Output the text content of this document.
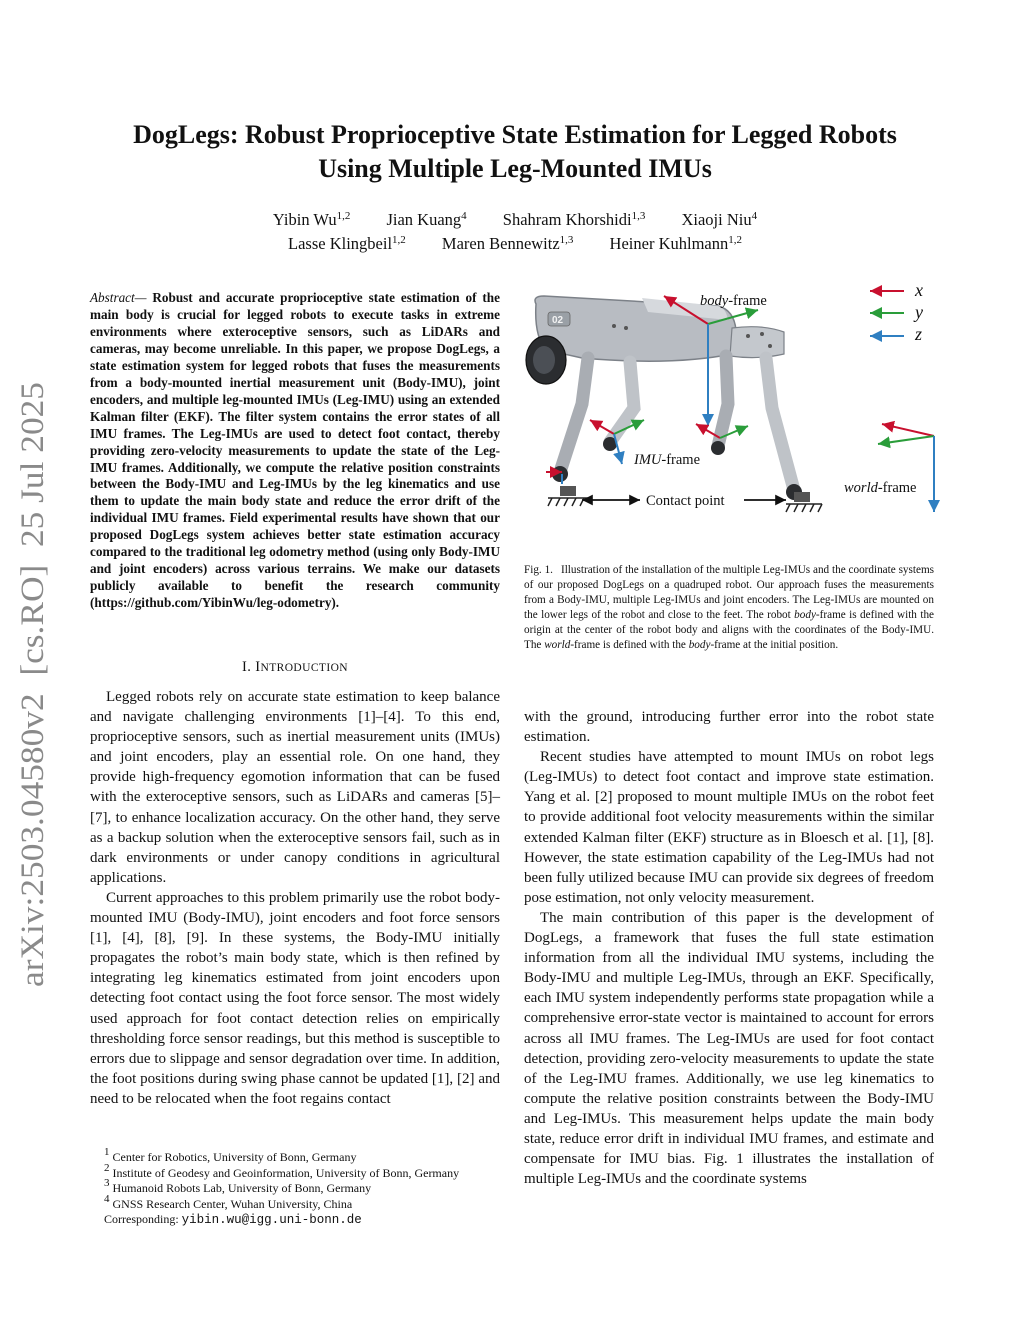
arXiv:2503.04580v2  [cs.RO]  25 Jul 2025
DogLegs: Robust Proprioceptive State Estimation for Legged Robots
Using Multiple Leg-Mounted IMUs
Yibin Wu$^{1,2}$ Jian Kuang$^4$ Shahram Khorshidi$^{1,3}$ Xiaoji Niu$^4$
Lasse Klingbeil$^{1,2}$ Maren Bennewitz$^{1,3}$ Heiner Kuhlmann$^{1,2}$
Abstract— Robust and accurate proprioceptive state estimation of the main body is crucial for legged robots to execute tasks in extreme environments where exteroceptive sensors, such as LiDARs and cameras, may become unreliable. In this paper, we propose DogLegs, a state estimation system for legged robots that fuses the measurements from a body-mounted inertial measurement unit (Body-IMU), joint encoders, and multiple leg-mounted IMUs (Leg-IMU) using an extended Kalman filter (EKF). The filter system contains the error states of all IMU frames. The Leg-IMUs are used to detect foot contact, thereby providing zero-velocity measurements to update the state of the Leg-IMU frames. Additionally, we compute the relative position constraints between the Body-IMU and Leg-IMUs by the leg kinematics and use them to update the main body state and reduce the error drift of the individual IMU frames. Field experimental results have shown that our proposed DogLegs system achieves better state estimation accuracy compared to the traditional leg odometry method (using only Body-IMU and joint encoders) across various terrains. We make our datasets publicly available to benefit the research community (https://github.com/YibinWu/leg-odometry).
I. INTRODUCTION

Legged robots rely on accurate state estimation to keep balance and navigate challenging environments [1]–[4]. To this end, proprioceptive sensors, such as inertial measurement units (IMUs) and joint encoders, play an essential role. On one hand, they provide high-frequency egomotion information that can be fused with the exteroceptive sensors, such as LiDARs and cameras [5]–[7], to enhance localization accuracy. On the other hand, they serve as a backup solution when the exteroceptive sensors fail, such as in dark environments or under canopy conditions in agricultural applications.

Current approaches to this problem primarily use the robot body-mounted IMU (Body-IMU), joint encoders and foot force sensors [1], [4], [8], [9]. In these systems, the Body-IMU initially propagates the robot’s main body state, which is then refined by integrating leg kinematics estimated from joint encoders upon detecting foot contact using the foot force sensor. The most widely used approach for foot contact detection relies on empirically thresholding force sensor readings, but this method is susceptible to errors due to slippage and sensor degradation over time. In addition, the foot positions during swing phase cannot be updated [1], [2] and need to be relocated when the foot regains contact

$^1$ Center for Robotics, University of Bonn, Germany
$^2$ Institute of Geodesy and Geoinformation, University of Bonn, Germany
$^3$ Humanoid Robots Lab, University of Bonn, Germany
$^4$ GNSS Research Center, Wuhan University, China
Corresponding: yibin.wu@igg.uni-bonn.de
02
body-frame
IMU-frame
world-frame
Contact point
x
y
z
Fig. 1. Illustration of the installation of the multiple Leg-IMUs and the coordinate systems of our proposed DogLegs on a quadruped robot. Our approach fuses the measurements from a Body-IMU, multiple Leg-IMUs and joint encoders. The Leg-IMUs are mounted on the lower legs of the robot and close to the feet. The robot body-frame is defined with the origin at the center of the robot body and aligns with the coordinates of the Body-IMU. The world-frame is defined with the body-frame at the initial position.

with the ground, introducing further error into the robot state estimation.

Recent studies have attempted to mount IMUs on robot legs (Leg-IMUs) to detect foot contact and improve state estimation. Yang et al. [2] proposed to mount multiple IMUs on the robot feet to provide additional foot velocity measurements within the similar extended Kalman filter (EKF) structure as in Bloesch et al. [1], [8]. However, the state estimation capability of the Leg-IMUs had not been fully utilized because IMU can provide six degrees of freedom pose estimation, not only velocity measurement.

The main contribution of this paper is the development of DogLegs, a framework that fuses the full state estimation information from all the individual IMU systems, including the Body-IMU and multiple Leg-IMUs, through an EKF. Specifically, each IMU system independently performs state propagation while a comprehensive error-state vector is maintained to account for errors across all IMU frames. The Leg-IMUs are used for foot contact detection, providing zero-velocity measurements to update the state of the Leg-IMU frames. Additionally, we use leg kinematics to compute the relative position constraints between the Body-IMU and Leg-IMUs. This measurement helps update the main body state, reduce error drift in individual IMU frames, and estimate and compensate for IMU bias. Fig. 1 illustrates the installation of multiple Leg-IMUs and the coordinate systems
